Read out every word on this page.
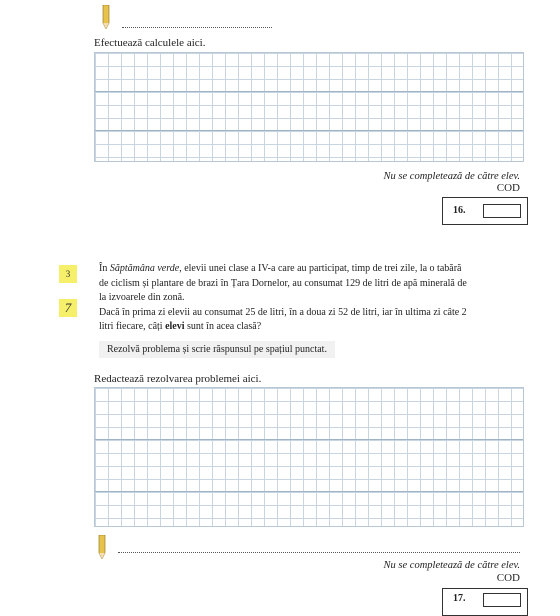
Efectuează calculele aici.
Nu se completează de către elev.
COD
16.
3
7
În Săptămâna verde, elevii unei clase a IV-a care au participat, timp de trei zile, la o tabără
de ciclism și plantare de brazi în Țara Dornelor, au consumat 129 de litri de apă minerală de
la izvoarele din zonă.
Dacă în prima zi elevii au consumat 25 de litri, în a doua zi 52 de litri, iar în ultima zi câte 2
litri fiecare, câți elevi sunt în acea clasă?
Rezolvă problema și scrie răspunsul pe spațiul punctat.
Redactează rezolvarea problemei aici.
Nu se completează de către elev.
COD
17.
